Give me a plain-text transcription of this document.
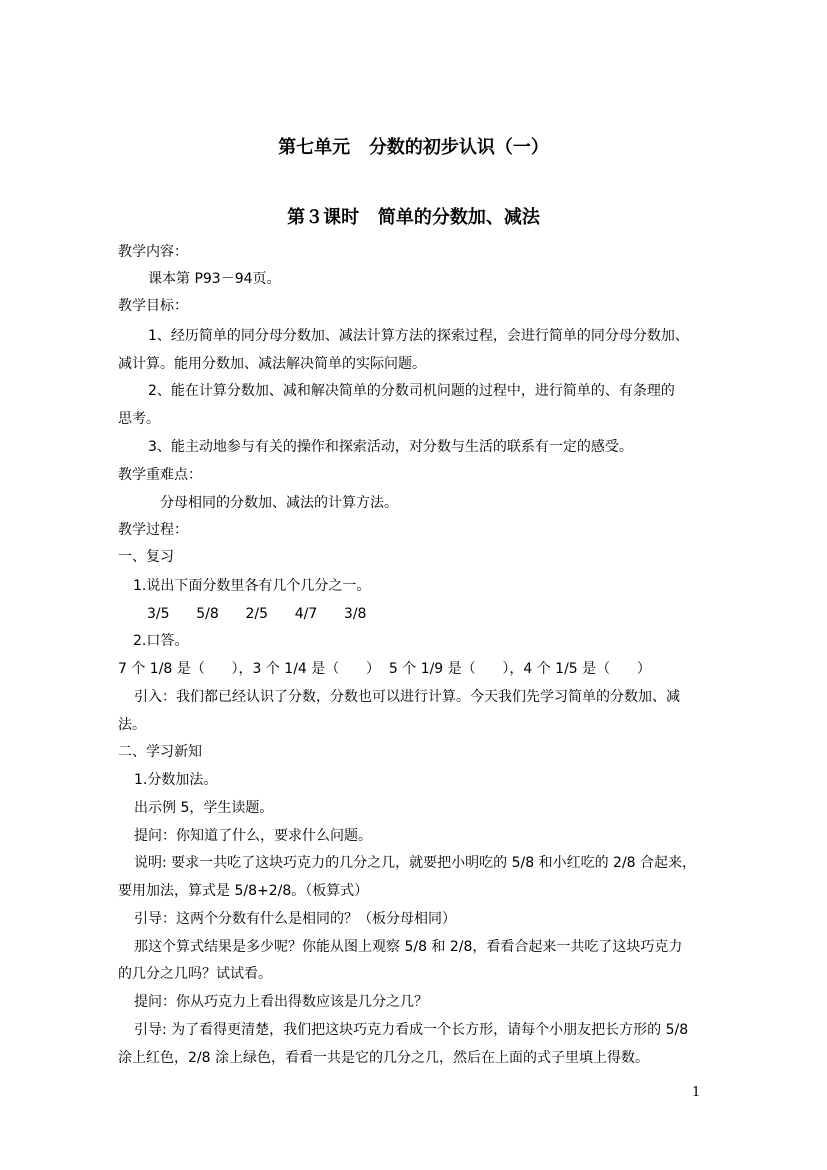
第七单元   分数的初步认识（一）
第３课时   简单的分数加、减法
教学内容：
课本第 P93－94页。
教学目标：
1、经历简单的同分母分数加、减法计算方法的探索过程，会进行简单的同分母分数加、
减计算。能用分数加、减法解决简单的实际问题。
2、能在计算分数加、减和解决简单的分数司机问题的过程中，进行简单的、有条理的
思考。
3、能主动地参与有关的操作和探索活动，对分数与生活的联系有一定的感受。
教学重难点：
分母相同的分数加、减法的计算方法。
教学过程：
一、复习
1.说出下面分数里各有几个几分之一。
3/5      5/8      2/5      4/7      3/8
2.口答。
7 个 1/8 是（      ），3 个 1/4 是（      ）  5 个 1/9 是（      ），4 个 1/5 是（      ）
引入：我们都已经认识了分数，分数也可以进行计算。今天我们先学习简单的分数加、减
法。
二、学习新知
1.分数加法。
出示例 5，学生读题。
提问：你知道了什么，要求什么问题。
说明: 要求一共吃了这块巧克力的几分之几，就要把小明吃的 5/8 和小红吃的 2/8 合起来，
要用加法，算式是 5/8+2/8。（板算式）
引导：这两个分数有什么是相同的？（板分母相同）
那这个算式结果是多少呢？你能从图上观察 5/8 和 2/8，看看合起来一共吃了这块巧克力
的几分之几吗？试试看。
提问：你从巧克力上看出得数应该是几分之几？
引导: 为了看得更清楚，我们把这块巧克力看成一个长方形，请每个小朋友把长方形的 5/8
涂上红色，2/8 涂上绿色，看看一共是它的几分之几，然后在上面的式子里填上得数。
1
